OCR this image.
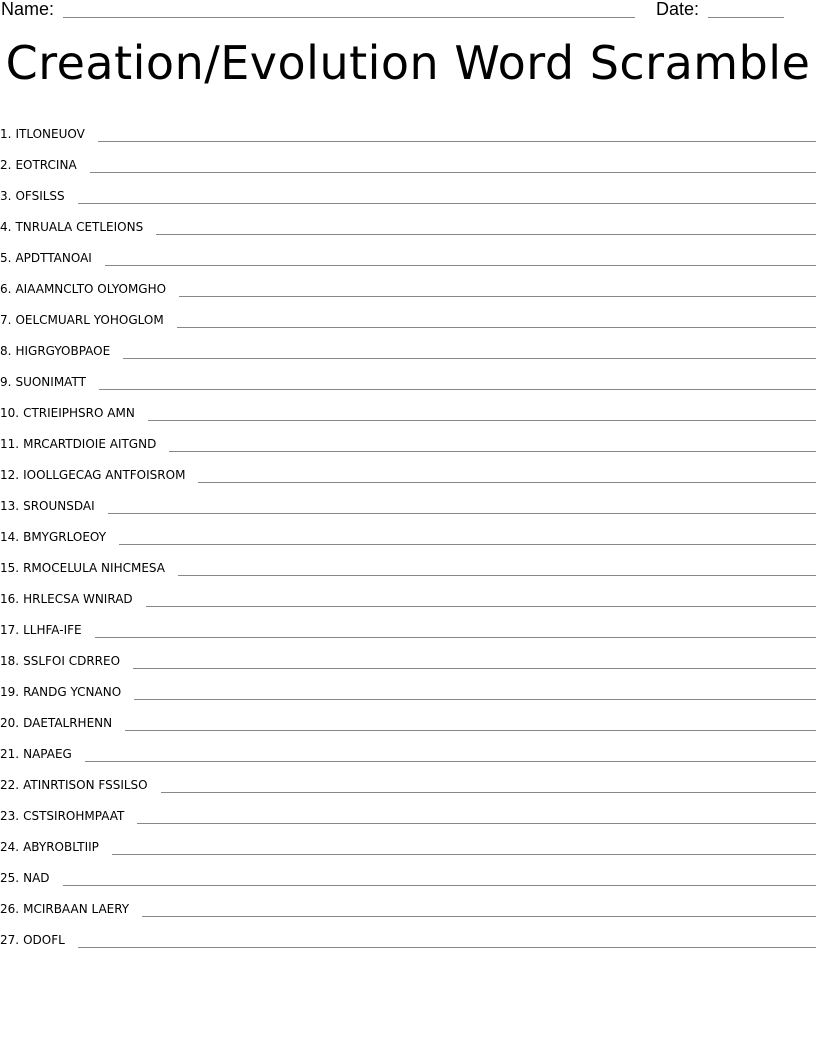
Name:	Date:
Creation/Evolution Word Scramble
1. ITLONEUOV
2. EOTRCINA
3. OFSILSS
4. TNRUALA CETLEIONS
5. APDTTANOAI
6. AIAAMNCLTO OLYOMGHO
7. OELCMUARL YOHOGLOM
8. HIGRGYOBPAOE
9. SUONIMATT
10. CTRIEIPHSRO AMN
11. MRCARTDIOIE AITGND
12. IOOLLGECAG ANTFOISROM
13. SROUNSDAI
14. BMYGRLOEOY
15. RMOCELULA NIHCMESA
16. HRLECSA WNIRAD
17. LLHFA-IFE
18. SSLFOI CDRREO
19. RANDG YCNANO
20. DAETALRHENN
21. NAPAEG
22. ATINRTISON FSSILSO
23. CSTSIROHMPAAT
24. ABYROBLTIIP
25. NAD
26. MCIRBAAN LAERY
27. ODOFL
